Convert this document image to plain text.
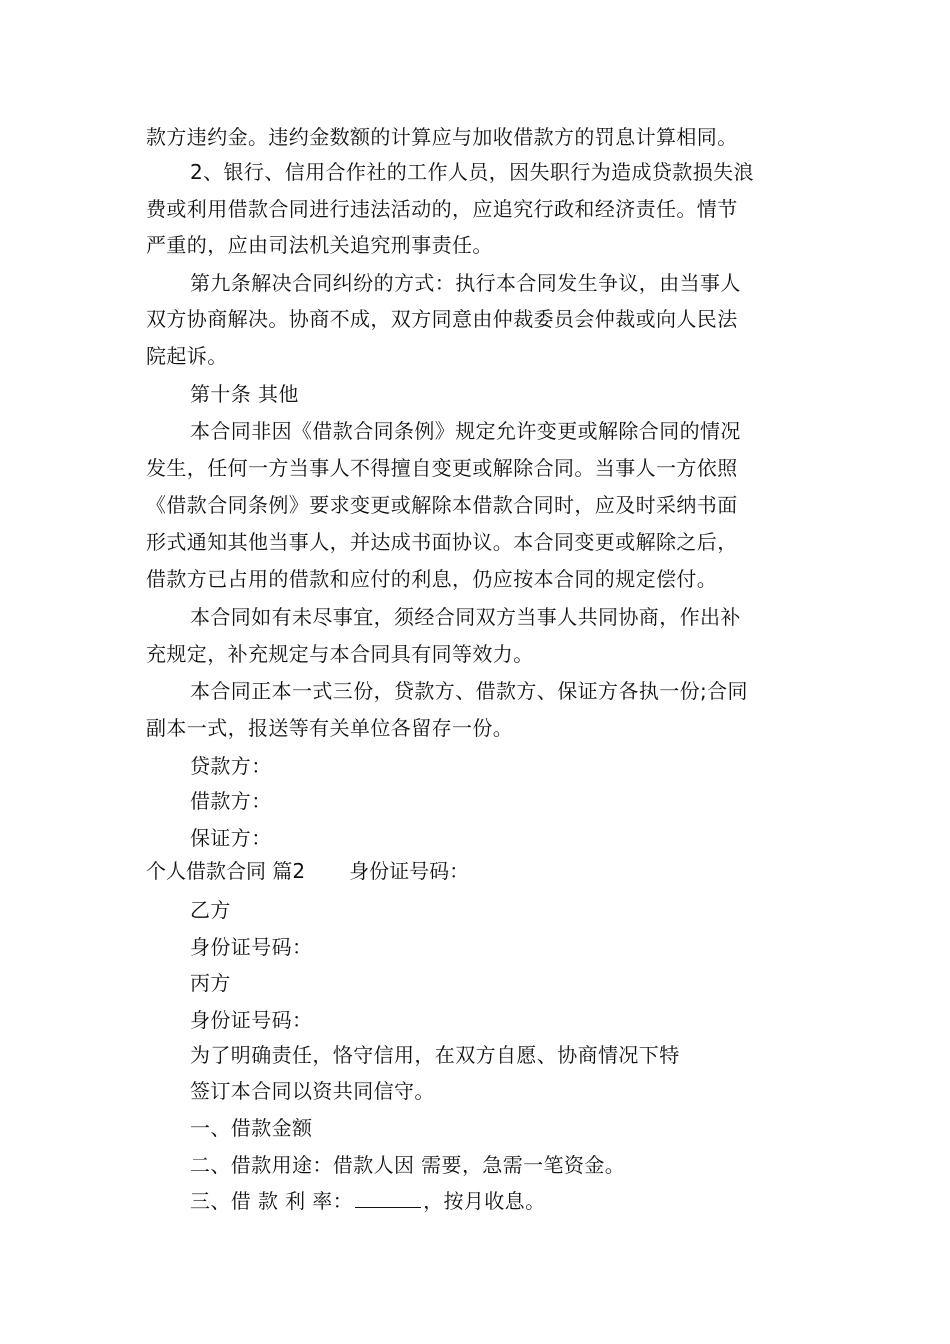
款方违约金。违约金数额的计算应与加收借款方的罚息计算相同。
2、银行、信用合作社的工作人员，因失职行为造成贷款损失浪
费或利用借款合同进行违法活动的，应追究行政和经济责任。情节
严重的，应由司法机关追究刑事责任。
第九条解决合同纠纷的方式：执行本合同发生争议，由当事人
双方协商解决。协商不成，双方同意由仲裁委员会仲裁或向人民法
院起诉。
第十条 其他
本合同非因《借款合同条例》规定允许变更或解除合同的情况
发生，任何一方当事人不得擅自变更或解除合同。当事人一方依照
《借款合同条例》要求变更或解除本借款合同时，应及时采纳书面
形式通知其他当事人，并达成书面协议。本合同变更或解除之后，
借款方已占用的借款和应付的利息，仍应按本合同的规定偿付。
本合同如有未尽事宜，须经合同双方当事人共同协商，作出补
充规定，补充规定与本合同具有同等效力。
本合同正本一式三份，贷款方、借款方、保证方各执一份;合同
副本一式，报送等有关单位各留存一份。
贷款方：
借款方：
保证方：
个人借款合同 篇2 身份证号码：
乙方
身份证号码：
丙方
身份证号码：
为了明确责任，恪守信用，在双方自愿、协商情况下特
签订本合同以资共同信守。
一、借款金额
二、借款用途：借款人因 需要，急需一笔资金。
三、借 款 利 率：	，按月收息。
